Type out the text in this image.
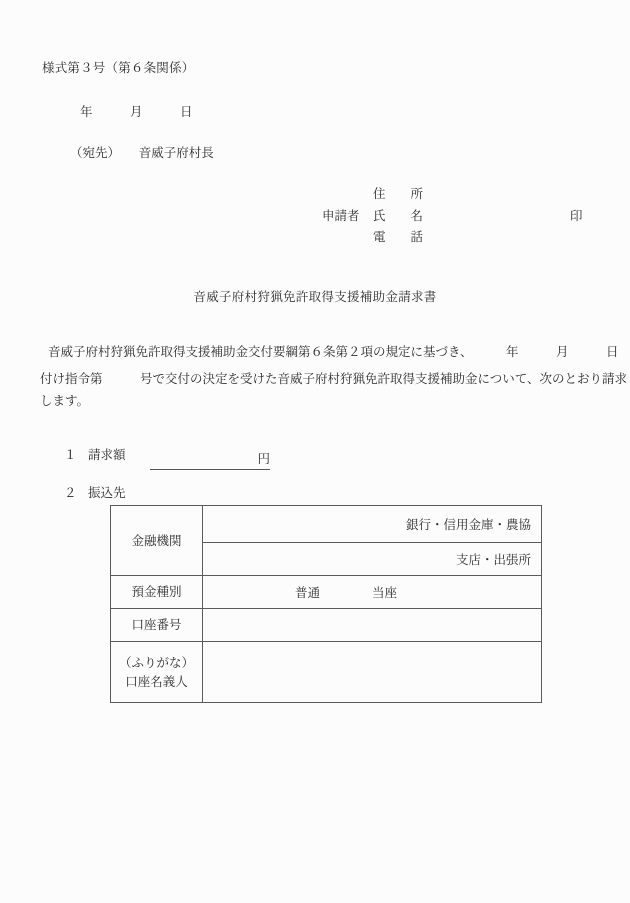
様式第３号（第６条関係）
年　　　月　　　日
（宛先）　　 音威子府村長
申請者
住　　所
氏　　名
電　　話
印
音威子府村狩猟免許取得支援補助金請求書
音威子府村狩猟免許取得支援補助金交付要綱第６条第２項の規定に基づき、	年　　　月　　　日
付け指令第　　　号で交付の決定を受けた音威子府村狩猟免許取得支援補助金について、次のとおり請求
します。
１ 請求額	円
２ 振込先
金融機関	銀行・信用金庫・農協
	支店・出張所
預金種別	普通 当座

口座番号	

（ふりがな）
口座名義人	
